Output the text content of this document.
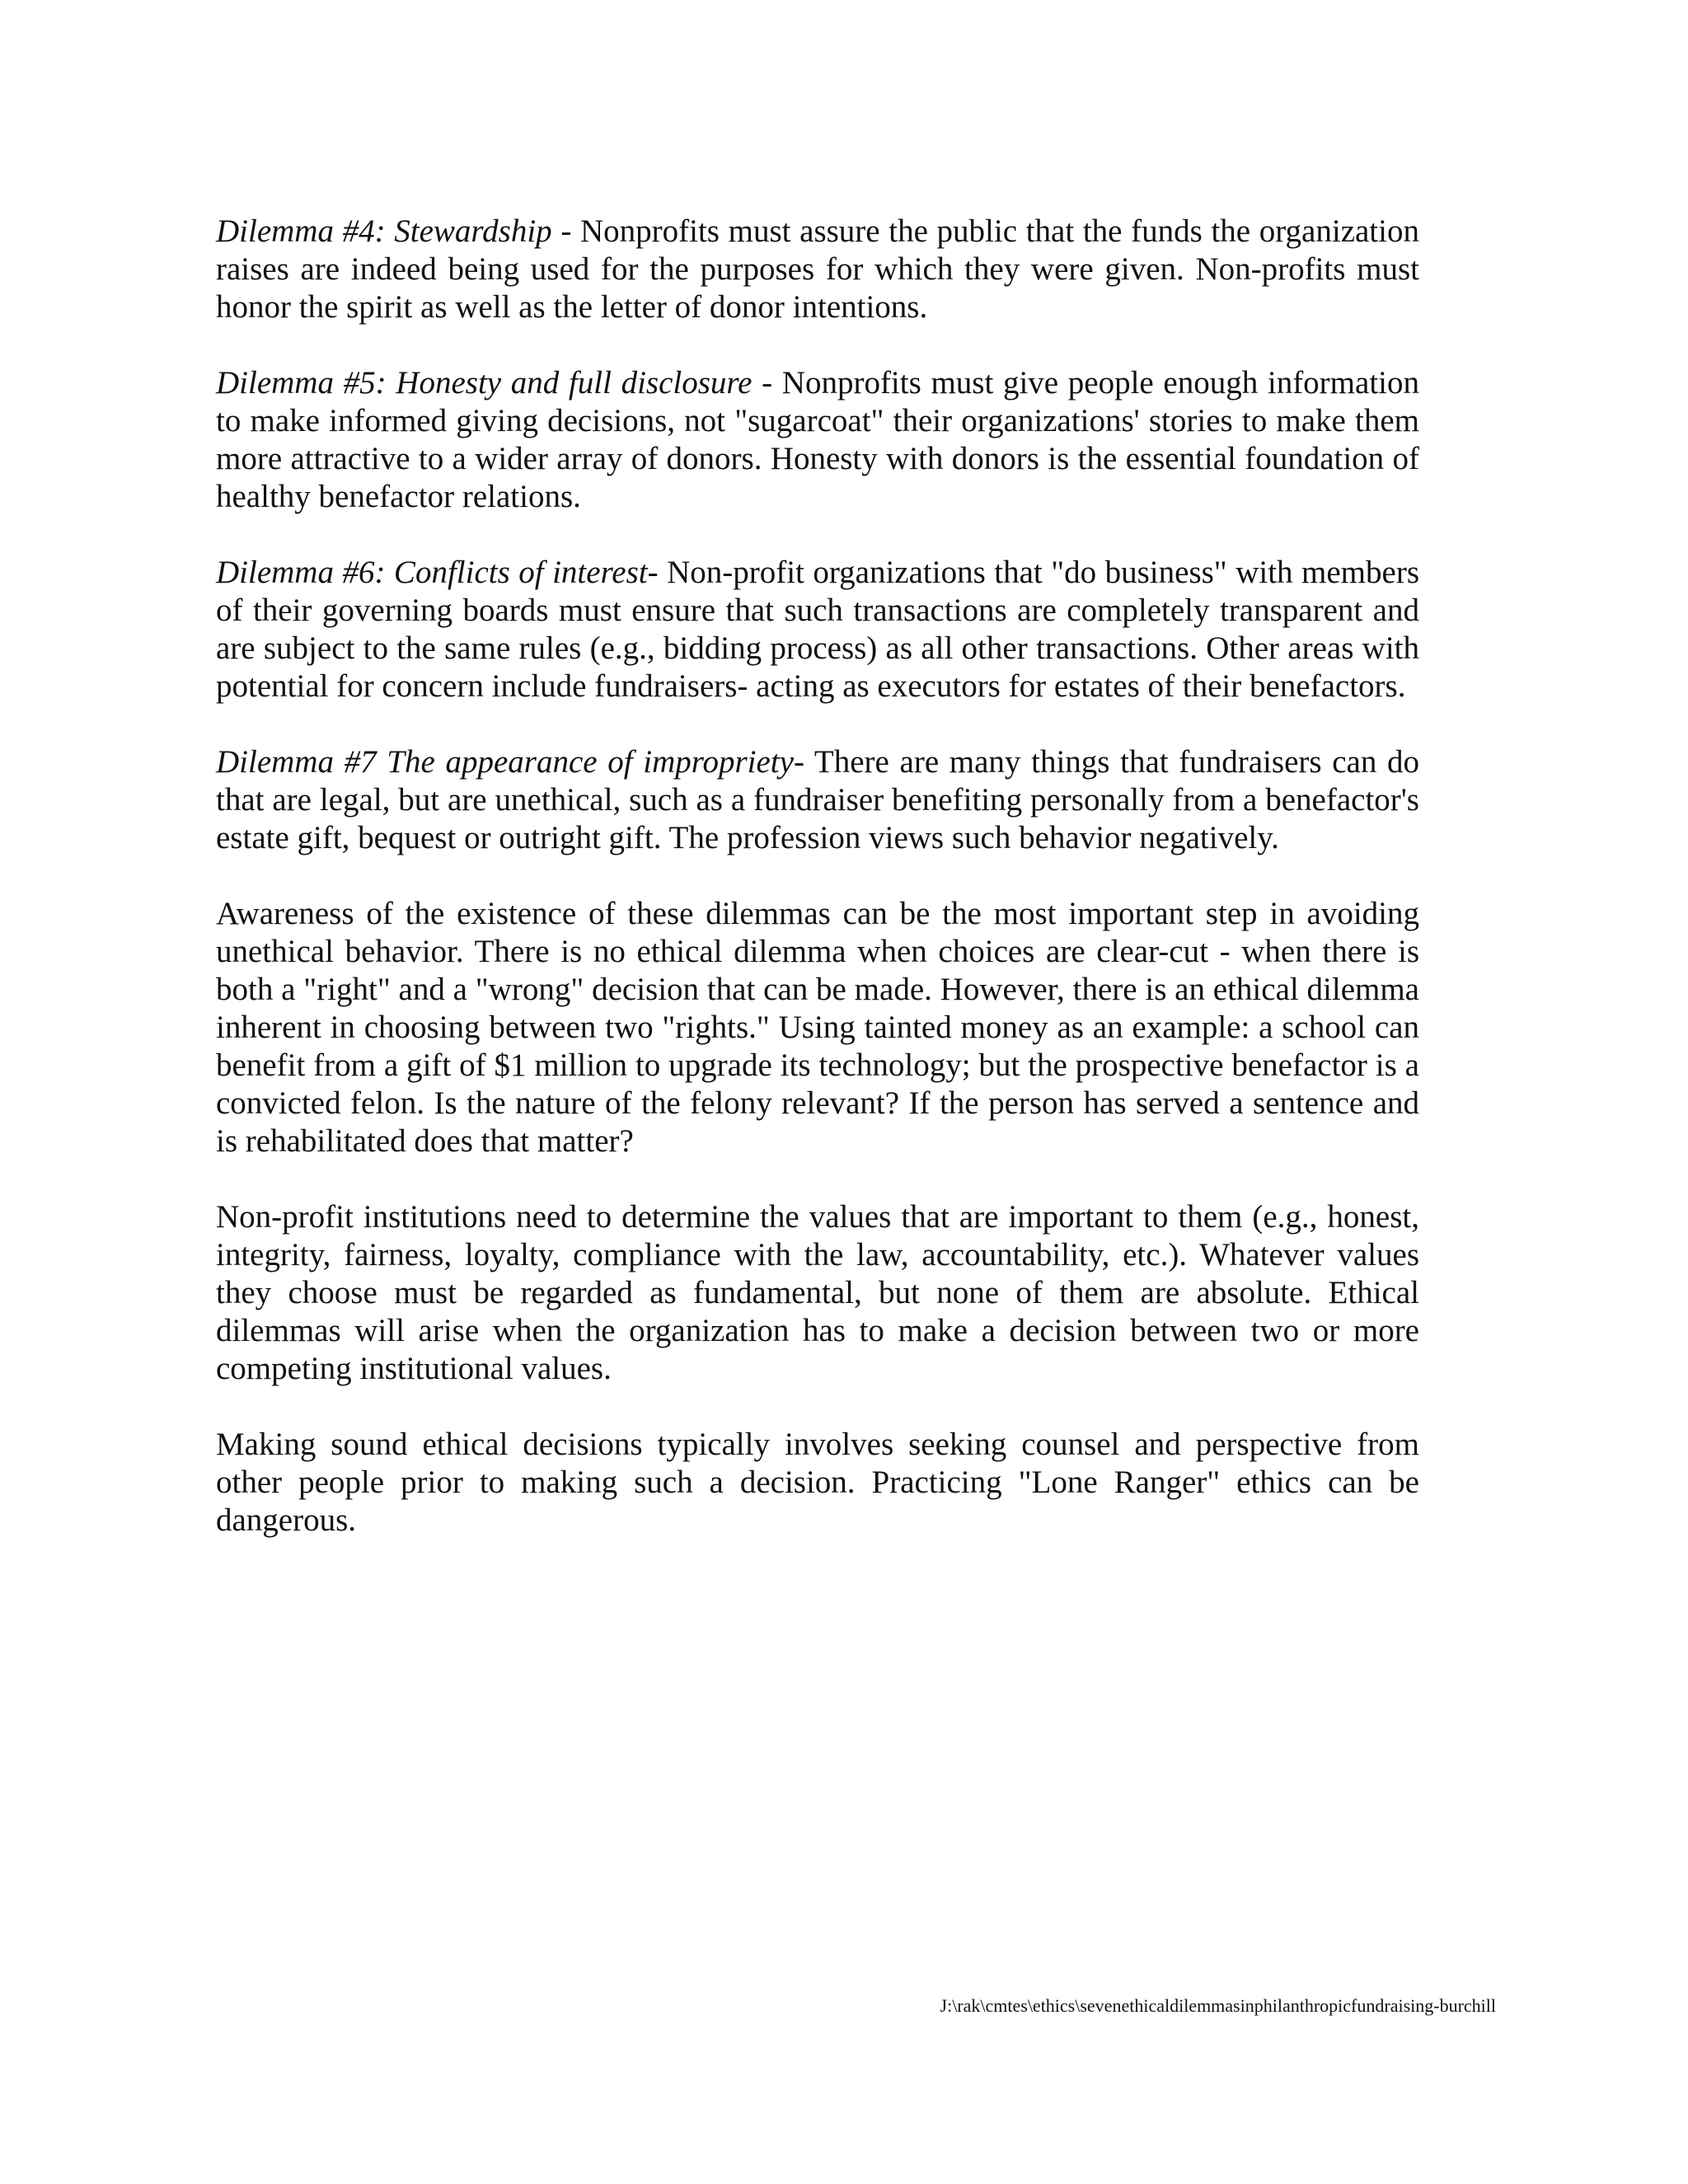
Dilemma #4: Stewardship - Nonprofits must assure the public that the funds the organization raises are indeed being used for the purposes for which they were given. Non-profits must honor the spirit as well as the letter of donor intentions.

Dilemma #5: Honesty and full disclosure - Nonprofits must give people enough information to make informed giving decisions, not "sugarcoat" their organizations' stories to make them more attractive to a wider array of donors. Honesty with donors is the essential foundation of healthy benefactor relations.

Dilemma #6: Conflicts of interest- Non-profit organizations that "do business" with members of their governing boards must ensure that such transactions are completely transparent and are subject to the same rules (e.g., bidding process) as all other transactions. Other areas with potential for concern include fundraisers- acting as executors for estates of their benefactors.

Dilemma #7 The appearance of impropriety- There are many things that fundraisers can do that are legal, but are unethical, such as a fundraiser benefiting personally from a benefactor's estate gift, bequest or outright gift. The profession views such behavior negatively.

Awareness of the existence of these dilemmas can be the most important step in avoiding unethical behavior. There is no ethical dilemma when choices are clear-cut - when there is both a "right" and a "wrong" decision that can be made. However, there is an ethical dilemma inherent in choosing between two "rights." Using tainted money as an example: a school can benefit from a gift of $1 million to upgrade its technology; but the prospective benefactor is a convicted felon. Is the nature of the felony relevant? If the person has served a sentence and is rehabilitated does that matter?

Non-profit institutions need to determine the values that are important to them (e.g., honest, integrity, fairness, loyalty, compliance with the law, accountability, etc.). Whatever values they choose must be regarded as fundamental, but none of them are absolute. Ethical dilemmas will arise when the organization has to make a decision between two or more competing institutional values.

Making sound ethical decisions typically involves seeking counsel and perspective from other people prior to making such a decision. Practicing "Lone Ranger" ethics can be dangerous.

J:\rak\cmtes\ethics\sevenethicaldilemmasinphilanthropicfundraising-burchill
